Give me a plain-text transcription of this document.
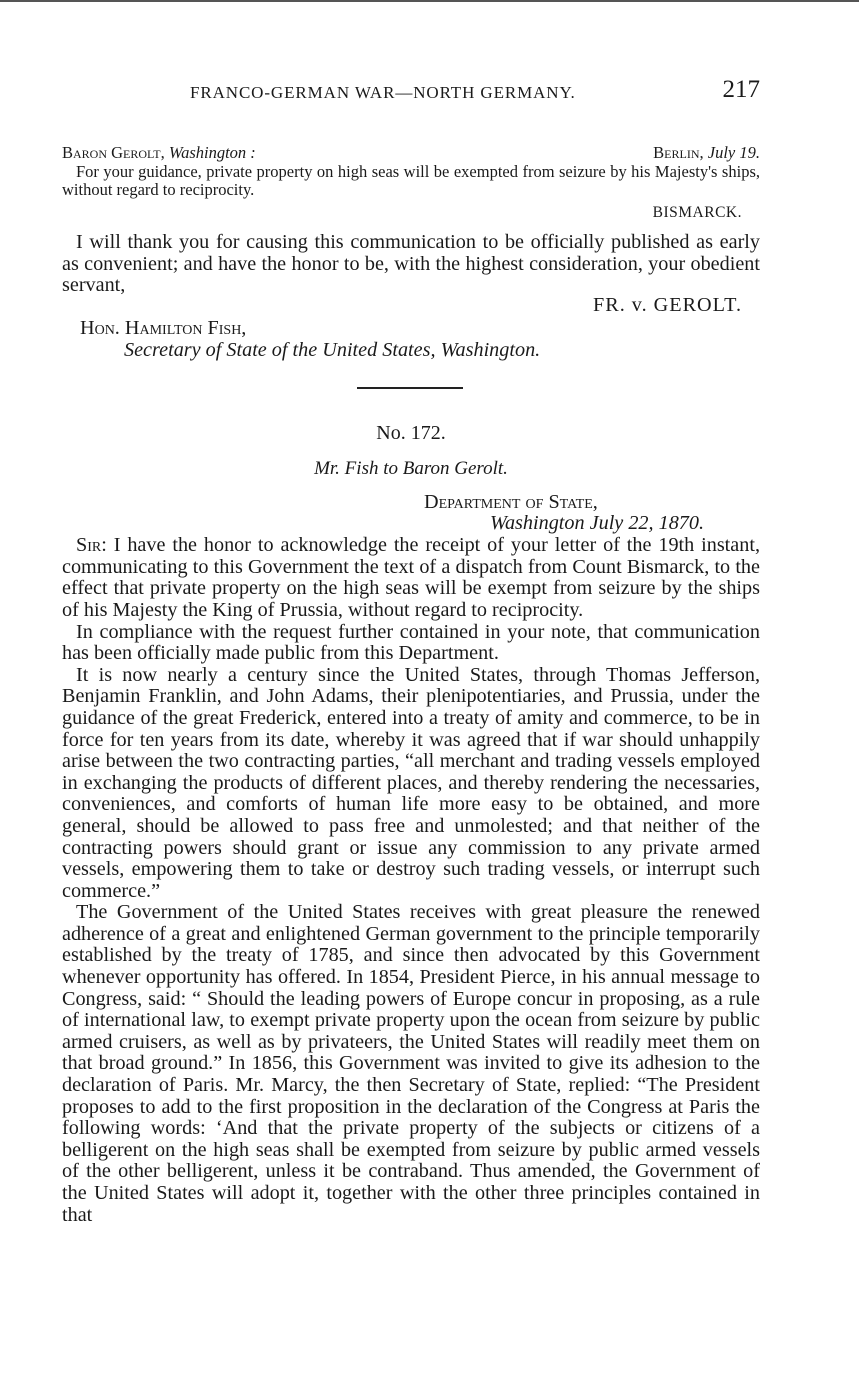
FRANCO-GERMAN WAR—NORTH GERMANY.	217
Baron Gerolt, Washington :	Berlin, July 19.

For your guidance, private property on high seas will be exempted from seizure by his Majesty's ships, without regard to reciprocity.

BISMARCK.

I will thank you for causing this communication to be officially published as early as convenient; and have the honor to be, with the highest consideration, your obedient servant,

FR. v. GEROLT.
Hon. Hamilton Fish,
Secretary of State of the United States, Washington.
No. 172.
Mr. Fish to Baron Gerolt.
Department of State,
Washington July 22, 1870.

Sir: I have the honor to acknowledge the receipt of your letter of the 19th instant, communicating to this Government the text of a dispatch from Count Bismarck, to the effect that private property on the high seas will be exempt from seizure by the ships of his Majesty the King of Prussia, without regard to reciprocity.

In compliance with the request further contained in your note, that communication has been officially made public from this Department.

It is now nearly a century since the United States, through Thomas Jefferson, Benjamin Franklin, and John Adams, their plenipotentiaries, and Prussia, under the guidance of the great Frederick, entered into a treaty of amity and commerce, to be in force for ten years from its date, whereby it was agreed that if war should unhappily arise between the two contracting parties, “all merchant and trading vessels employed in exchanging the products of different places, and thereby rendering the necessaries, conveniences, and comforts of human life more easy to be obtained, and more general, should be allowed to pass free and unmolested; and that neither of the contracting powers should grant or issue any commission to any private armed vessels, empowering them to take or destroy such trading vessels, or interrupt such commerce.”

The Government of the United States receives with great pleasure the renewed adherence of a great and enlightened German government to the principle temporarily established by the treaty of 1785, and since then advocated by this Government whenever opportunity has offered. In 1854, President Pierce, in his annual message to Congress, said: “ Should the leading powers of Europe concur in proposing, as a rule of international law, to exempt private property upon the ocean from seizure by public armed cruisers, as well as by privateers, the United States will readily meet them on that broad ground.” In 1856, this Government was invited to give its adhesion to the declaration of Paris. Mr. Marcy, the then Secretary of State, replied: “The President proposes to add to the first proposition in the declaration of the Congress at Paris the following words: ‘And that the private property of the subjects or citizens of a belligerent on the high seas shall be exempted from seizure by public armed vessels of the other belligerent, unless it be contraband. Thus amended, the Government of the United States will adopt it, together with the other three principles contained in that
